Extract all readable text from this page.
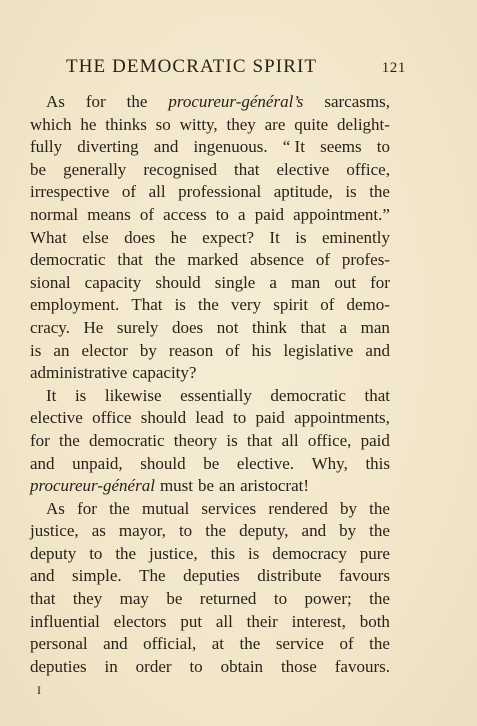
THE DEMOCRATIC SPIRIT	121
As for the procureur-général’s sarcasms,
which he thinks so witty, they are quite delight-
fully diverting and ingenuous. “ It seems to
be generally recognised that elective office,
irrespective of all professional aptitude, is the
normal means of access to a paid appointment.”
What else does he expect? It is eminently
democratic that the marked absence of profes-
sional capacity should single a man out for
employment. That is the very spirit of demo-
cracy. He surely does not think that a man
is an elector by reason of his legislative and
administrative capacity?
It is likewise essentially democratic that
elective office should lead to paid appointments,
for the democratic theory is that all office, paid
and unpaid, should be elective. Why, this
procureur-général must be an aristocrat!
As for the mutual services rendered by the
justice, as mayor, to the deputy, and by the
deputy to the justice, this is democracy pure
and simple. The deputies distribute favours
that they may be returned to power; the
influential electors put all their interest, both
personal and official, at the service of the
deputies in order to obtain those favours.
I
